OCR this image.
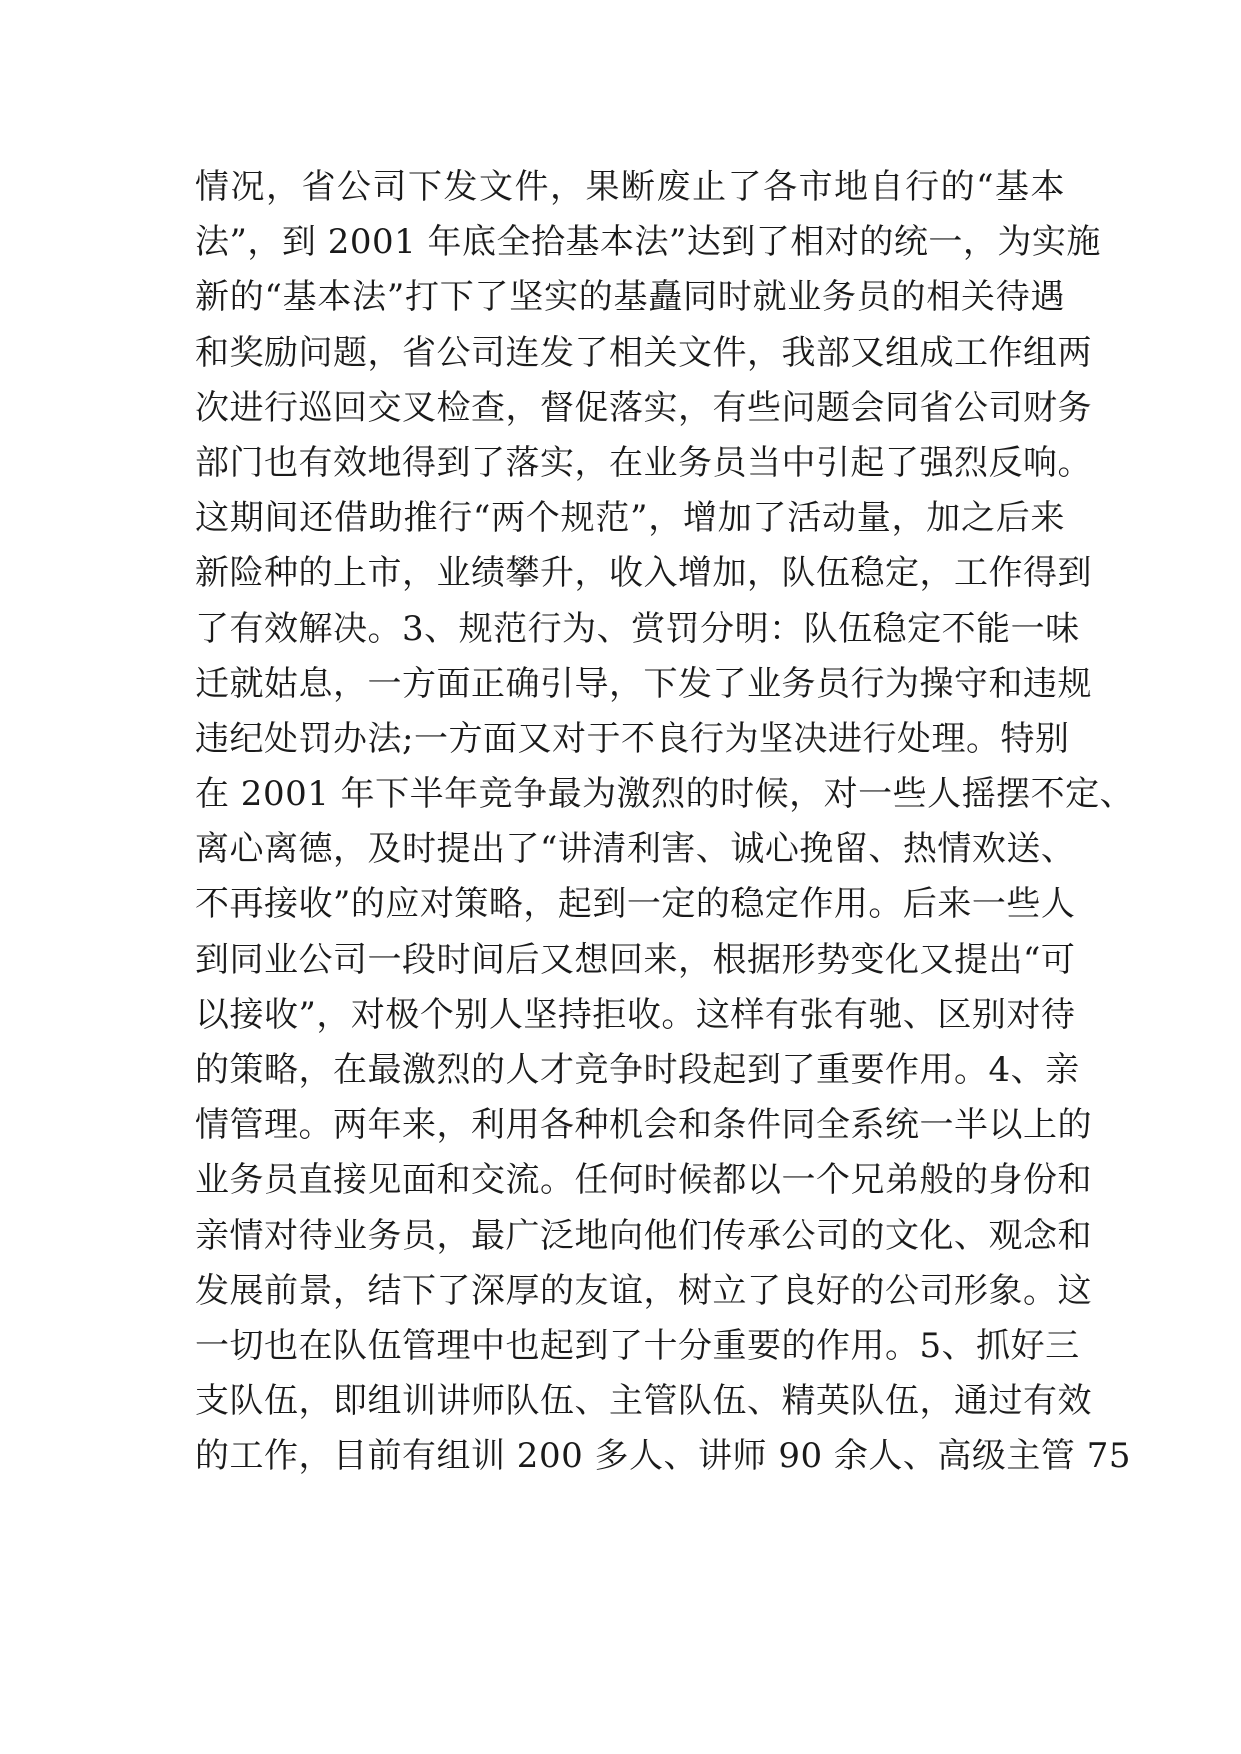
情况，省公司下发文件，果断废止了各市地自行的“基本
法”，到 2001 年底全拾基本法”达到了相对的统一，为实施
新的“基本法”打下了坚实的基矗同时就业务员的相关待遇
和奖励问题，省公司连发了相关文件，我部又组成工作组两
次进行巡回交叉检查，督促落实，有些问题会同省公司财务
部门也有效地得到了落实，在业务员当中引起了强烈反响。
这期间还借助推行“两个规范”，增加了活动量，加之后来
新险种的上市，业绩攀升，收入增加，队伍稳定，工作得到
了有效解决。3、规范行为、赏罚分明：队伍稳定不能一味
迁就姑息，一方面正确引导，下发了业务员行为操守和违规
违纪处罚办法;一方面又对于不良行为坚决进行处理。特别
在 2001 年下半年竞争最为激烈的时候，对一些人摇摆不定、
离心离德，及时提出了“讲清利害、诚心挽留、热情欢送、
不再接收”的应对策略，起到一定的稳定作用。后来一些人
到同业公司一段时间后又想回来，根据形势变化又提出“可
以接收”，对极个别人坚持拒收。这样有张有驰、区别对待
的策略，在最激烈的人才竞争时段起到了重要作用。4、亲
情管理。两年来，利用各种机会和条件同全系统一半以上的
业务员直接见面和交流。任何时候都以一个兄弟般的身份和
亲情对待业务员，最广泛地向他们传承公司的文化、观念和
发展前景，结下了深厚的友谊，树立了良好的公司形象。这
一切也在队伍管理中也起到了十分重要的作用。5、抓好三
支队伍，即组训讲师队伍、主管队伍、精英队伍，通过有效
的工作，目前有组训 200 多人、讲师 90 余人、高级主管 75
